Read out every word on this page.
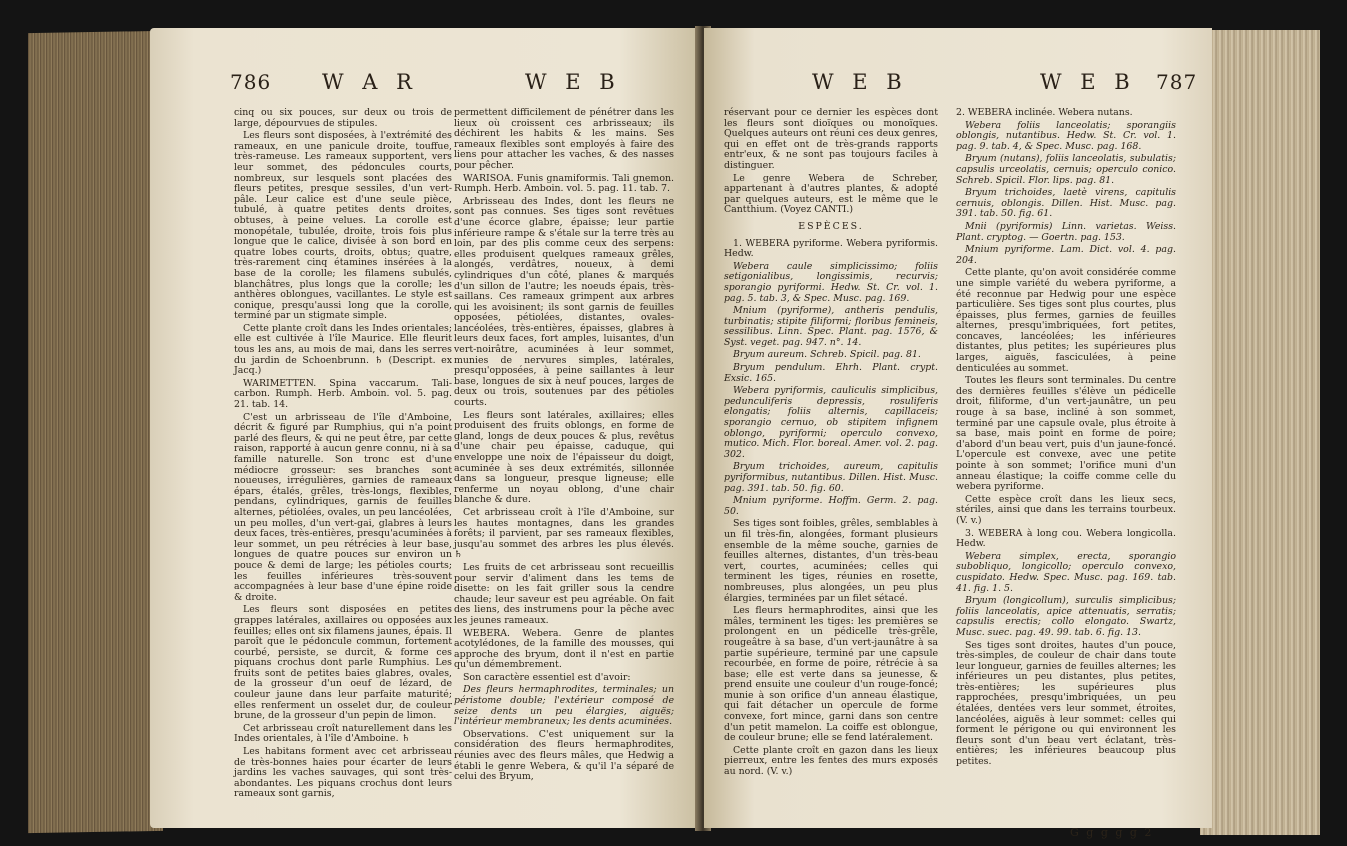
786 W A R	W E B

cinq ou six pouces, sur deux ou trois de large, dépourvues de stipules.

Les fleurs sont disposées, à l'extrémité des rameaux, en une panicule droite, touffue, très-rameuse. Les rameaux supportent, vers leur sommet, des pédoncules courts, nombreux, sur lesquels sont placées des fleurs petites, presque sessiles, d'un vert-pâle. Leur calice est d'une seule pièce, tubulé, à quatre petites dents droites, obtuses, à peine velues. La corolle est monopétale, tubulée, droite, trois fois plus longue que le calice, divisée à son bord en quatre lobes courts, droits, obtus; quatre, très-rarement cinq étamines insérées à la base de la corolle; les filamens subulés, blanchâtres, plus longs que la corolle; les anthères oblongues, vacillantes. Le style est conique, presqu'aussi long que la corolle, terminé par un stigmate simple.

Cette plante croît dans les Indes orientales; elle est cultivée à l'île Maurice. Elle fleurit tous les ans, au mois de mai, dans les serres du jardin de Schoenbrunn. ♄ (Descript. ex Jacq.)

WARIMETTEN. Spina vaccarum. Tali-carbon. Rumph. Herb. Amboin. vol. 5. pag. 21. tab. 14.

C'est un arbrisseau de l'île d'Amboine, décrit & figuré par Rumphius, qui n'a point parlé des fleurs, & qui ne peut être, par cette raison, rapporté à aucun genre connu, ni à sa famille naturelle. Son tronc est d'une médiocre grosseur: ses branches sont noueuses, irrégulières, garnies de rameaux épars, étalés, grêles, très-longs, flexibles, pendans, cylindriques, garnis de feuilles alternes, pétiolées, ovales, un peu lancéolées, un peu molles, d'un vert-gai, glabres à leurs deux faces, très-entières, presqu'acuminées à leur sommet, un peu rétrécies à leur base, longues de quatre pouces sur environ un pouce & demi de large; les pétioles courts; les feuilles inférieures très-souvent accompagnées à leur base d'une épine roide & droite.

Les fleurs sont disposées en petites grappes latérales, axillaires ou opposées aux feuilles; elles ont six filamens jaunes, épais. Il paroît que le pédoncule commun, fortement courbé, persiste, se durcit, & forme ces piquans crochus dont parle Rumphius. Les fruits sont de petites baies glabres, ovales, de la grosseur d'un oeuf de lézard, de couleur jaune dans leur parfaite maturité; elles renferment un osselet dur, de couleur brune, de la grosseur d'un pepin de limon.

Cet arbrisseau croît naturellement dans les Indes orientales, à l'île d'Amboine. ♄

Les habitans forment avec cet arbrisseau de très-bonnes haies pour écarter de leurs jardins les vaches sauvages, qui sont très-abondantes. Les piquans crochus dont leurs rameaux sont garnis,

permettent difficilement de pénétrer dans les lieux où croissent ces arbrisseaux; ils déchirent les habits & les mains. Ses rameaux flexibles sont employés à faire des liens pour attacher les vaches, & des nasses pour pêcher.

WARISOA. Funis gnamiformis. Tali gnemon. Rumph. Herb. Amboin. vol. 5. pag. 11. tab. 7.

Arbrisseau des Indes, dont les fleurs ne sont pas connues. Ses tiges sont revêtues d'une écorce glabre, épaisse; leur partie inférieure rampe & s'étale sur la terre très au loin, par des plis comme ceux des serpens: elles produisent quelques rameaux grêles, alongés, verdâtres, noueux, à demi cylindriques d'un côté, planes & marqués d'un sillon de l'autre; les noeuds épais, très-saillans. Ces rameaux grimpent aux arbres qui les avoisinent; ils sont garnis de feuilles opposées, pétiolées, distantes, ovales-lancéolées, très-entières, épaisses, glabres à leurs deux faces, fort amples, luisantes, d'un vert-noirâtre, acuminées à leur sommet, munies de nervures simples, latérales, presqu'opposées, à peine saillantes à leur base, longues de six à neuf pouces, larges de deux ou trois, soutenues par des pétioles courts.

Les fleurs sont latérales, axillaires; elles produisent des fruits oblongs, en forme de gland, longs de deux pouces & plus, revêtus d'une chair peu épaisse, caduque, qui enveloppe une noix de l'épaisseur du doigt, acuminée à ses deux extrémités, sillonnée dans sa longueur, presque ligneuse; elle renferme un noyau oblong, d'une chair blanche & dure.

Cet arbrisseau croît à l'île d'Amboine, sur les hautes montagnes, dans les grandes forêts; il parvient, par ses rameaux flexibles, jusqu'au sommet des arbres les plus élevés. ♄

Les fruits de cet arbrisseau sont recueillis pour servir d'aliment dans les tems de disette: on les fait griller sous la cendre chaude; leur saveur est peu agréable. On fait des liens, des instrumens pour la pêche avec les jeunes rameaux.

WEBERA. Webera. Genre de plantes acotylédones, de la famille des mousses, qui approche des bryum, dont il n'est en partie qu'un démembrement.

Son caractère essentiel est d'avoir:

Des fleurs hermaphrodites, terminales; un péristome double; l'extérieur composé de seize dents un peu élargies, aiguës; l'intérieur membraneux; les dents acuminées.

Observations. C'est uniquement sur la considération des fleurs hermaphrodites, réunies avec des fleurs mâles, que Hedwig a établi le genre Webera, & qu'il l'a séparé de celui des Bryum,

W E B	W E B 787

réservant pour ce dernier les espèces dont les fleurs sont dioïques ou monoïques. Quelques auteurs ont réuni ces deux genres, qui en effet ont de très-grands rapports entr'eux, & ne sont pas toujours faciles à distinguer.

Le genre Webera de Schreber, appartenant à d'autres plantes, & adopté par quelques auteurs, est le même que le Cantthium. (Voyez CANTI.)

ESPÈCES.

1. WEBERA pyriforme. Webera pyriformis. Hedw.

Webera caule simplicissimo; foliis setigonialibus, longissimis, recurvis; sporangio pyriformi. Hedw. St. Cr. vol. 1. pag. 5. tab. 3, & Spec. Musc. pag. 169.

Mnium (pyriforme), antheris pendulis, turbinatis; stipite filiformi; floribus femineis, sessilibus. Linn. Spec. Plant. pag. 1576, & Syst. veget. pag. 947. n°. 14.

Bryum aureum. Schreb. Spicil. pag. 81.

Bryum pendulum. Ehrh. Plant. crypt. Exsic. 165.

Webera pyriformis, cauliculis simplicibus, pedunculiferis depressis, rosuliferis elongatis; foliis alternis, capillaceis; sporangio cernuo, ob stipitem infignem oblongo, pyriformi; operculo convexo, mutico. Mich. Flor. boreal. Amer. vol. 2. pag. 302.

Bryum trichoides, aureum, capitulis pyriformibus, nutantibus. Dillen. Hist. Musc. pag. 391. tab. 50. fig. 60.

Mnium pyriforme. Hoffm. Germ. 2. pag. 50.

Ses tiges sont foibles, grêles, semblables à un fil très-fin, alongées, formant plusieurs ensemble de la même souche, garnies de feuilles alternes, distantes, d'un très-beau vert, courtes, acuminées; celles qui terminent les tiges, réunies en rosette, nombreuses, plus alongées, un peu plus élargies, terminées par un filet sétacé.

Les fleurs hermaphrodites, ainsi que les mâles, terminent les tiges: les premières se prolongent en un pédicelle très-grêle, rougeâtre à sa base, d'un vert-jaunâtre à sa partie supérieure, terminé par une capsule recourbée, en forme de poire, rétrécie à sa base; elle est verte dans sa jeunesse, & prend ensuite une couleur d'un rouge-foncé; munie à son orifice d'un anneau élastique, qui fait détacher un opercule de forme convexe, fort mince, garni dans son centre d'un petit mamelon. La coiffe est oblongue, de couleur brune; elle se fend latéralement.

Cette plante croît en gazon dans les lieux pierreux, entre les fentes des murs exposés au nord. (V. v.)

2. WEBERA inclinée. Webera nutans.

Webera foliis lanceolatis; sporangiis oblongis, nutantibus. Hedw. St. Cr. vol. 1. pag. 9. tab. 4, & Spec. Musc. pag. 168.

Bryum (nutans), foliis lanceolatis, subulatis; capsulis urceolatis, cernuis; operculo conico. Schreb. Spicil. Flor. lips. pag. 81.

Bryum trichoides, laetè virens, capitulis cernuis, oblongis. Dillen. Hist. Musc. pag. 391. tab. 50. fig. 61.

Mnii (pyriformis) Linn. varietas. Weiss. Plant. cryptog. — Goertn. pag. 153.

Mnium pyriforme. Lam. Dict. vol. 4. pag. 204.

Cette plante, qu'on avoit considérée comme une simple variété du webera pyriforme, a été reconnue par Hedwig pour une espèce particulière. Ses tiges sont plus courtes, plus épaisses, plus fermes, garnies de feuilles alternes, presqu'imbriquées, fort petites, concaves, lancéolées; les inférieures distantes, plus petites; les supérieures plus larges, aiguës, fasciculées, à peine denticulées au sommet.

Toutes les fleurs sont terminales. Du centre des dernières feuilles s'élève un pédicelle droit, filiforme, d'un vert-jaunâtre, un peu rouge à sa base, incliné à son sommet, terminé par une capsule ovale, plus étroite à sa base, mais point en forme de poire; d'abord d'un beau vert, puis d'un jaune-foncé. L'opercule est convexe, avec une petite pointe à son sommet; l'orifice muni d'un anneau élastique; la coiffe comme celle du webera pyriforme.

Cette espèce croît dans les lieux secs, stériles, ainsi que dans les terrains tourbeux. (V. v.)

3. WEBERA à long cou. Webera longicolla. Hedw.

Webera simplex, erecta, sporangio subobliquo, longicollo; operculo convexo, cuspidato. Hedw. Spec. Musc. pag. 169. tab. 41. fig. 1. 5.

Bryum (longicollum), surculis simplicibus; foliis lanceolatis, apice attenuatis, serratis; capsulis erectis; collo elongato. Swartz, Musc. suec. pag. 49. 99. tab. 6. fig. 13.

Ses tiges sont droites, hautes d'un pouce, très-simples, de couleur de chair dans toute leur longueur, garnies de feuilles alternes; les inférieures un peu distantes, plus petites, très-entières; les supérieures plus rapprochées, presqu'imbriquées, un peu étalées, dentées vers leur sommet, étroites, lancéolées, aiguës à leur sommet: celles qui forment le périgone ou qui environnent les fleurs sont d'un beau vert éclatant, très-entières; les inférieures beaucoup plus petites.

G g g g g 2
